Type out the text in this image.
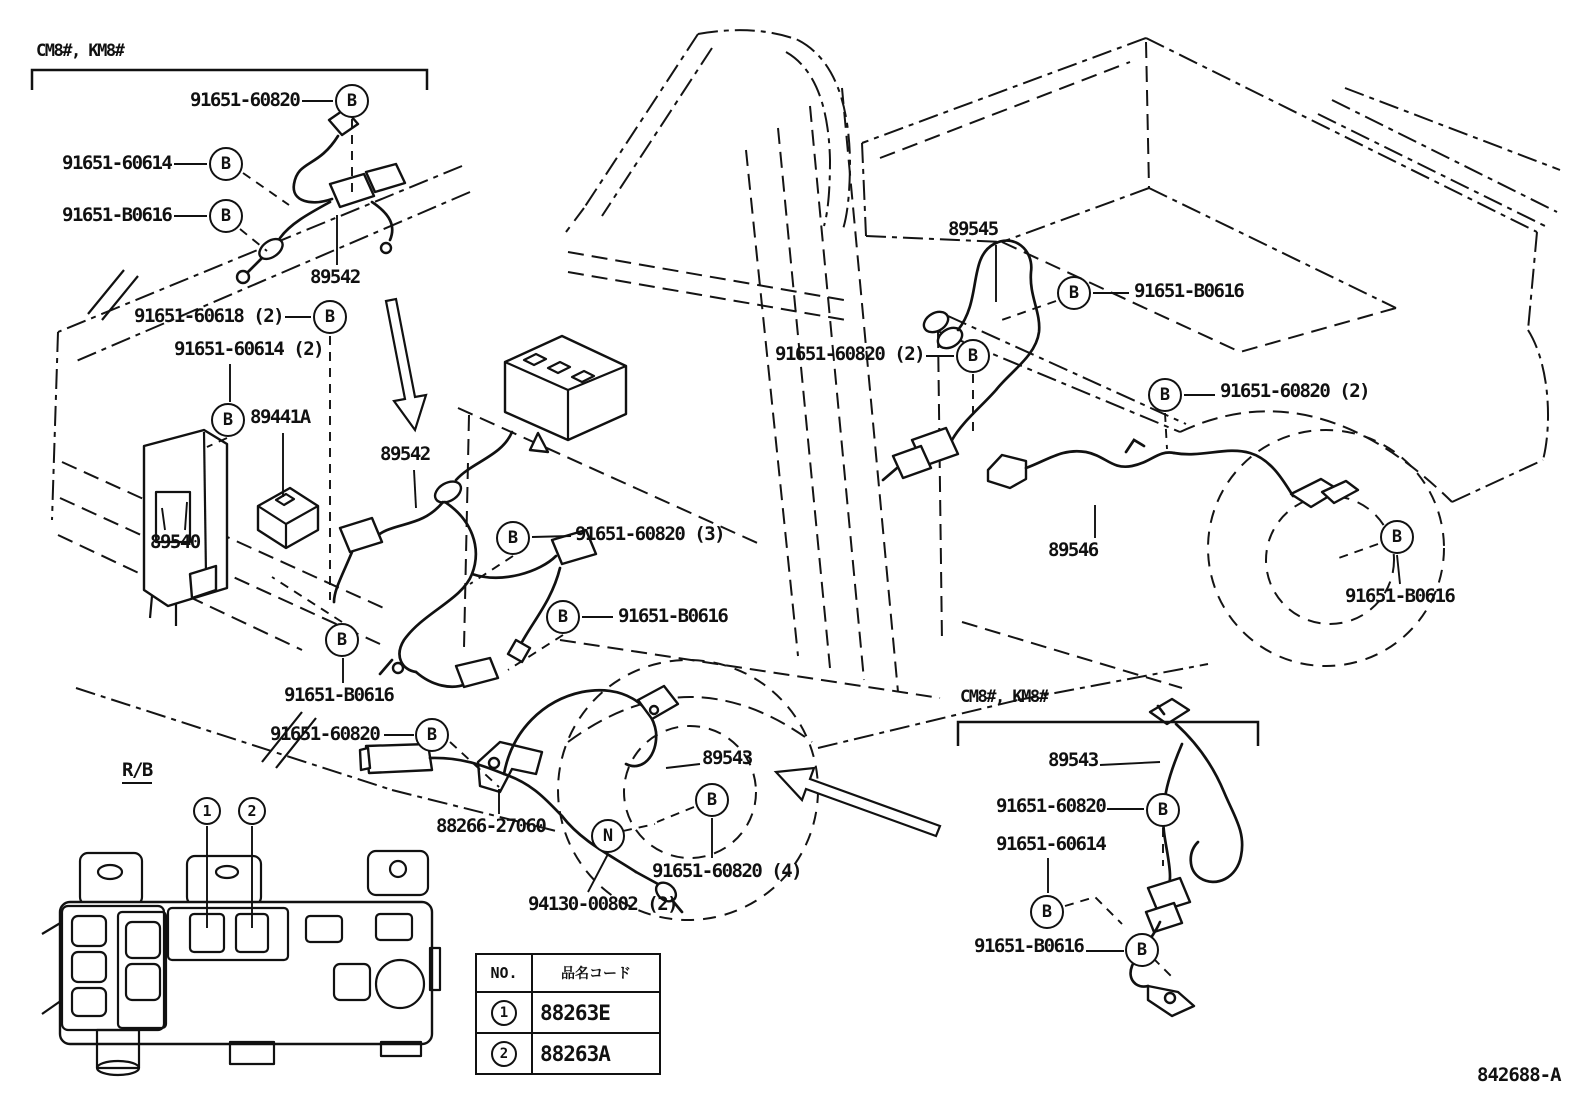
CM8#, KM8#
91651-60820
91651-60614
91651-B0616
89542
91651-60618 (2)
91651-60614 (2)
89441A
89542
89540	91651-60820 (3)
91651-B0616
91651-B0616
91651-60820
R/B
88266-27060
89543
91651-60820 (4)
94130-00802 (2)
89545
91651-B0616
91651-60820 (2)
91651-60820 (2)
89546
91651-B0616
CM8#, KM8#
89543
91651-60820
91651-60614
91651-B0616
B
B
B
B
B
B
B
B
B
B
N
B
B
B
B
B
B
B
1	2
NO.	品名コード
1	88263E
2	88263A
842688-A
